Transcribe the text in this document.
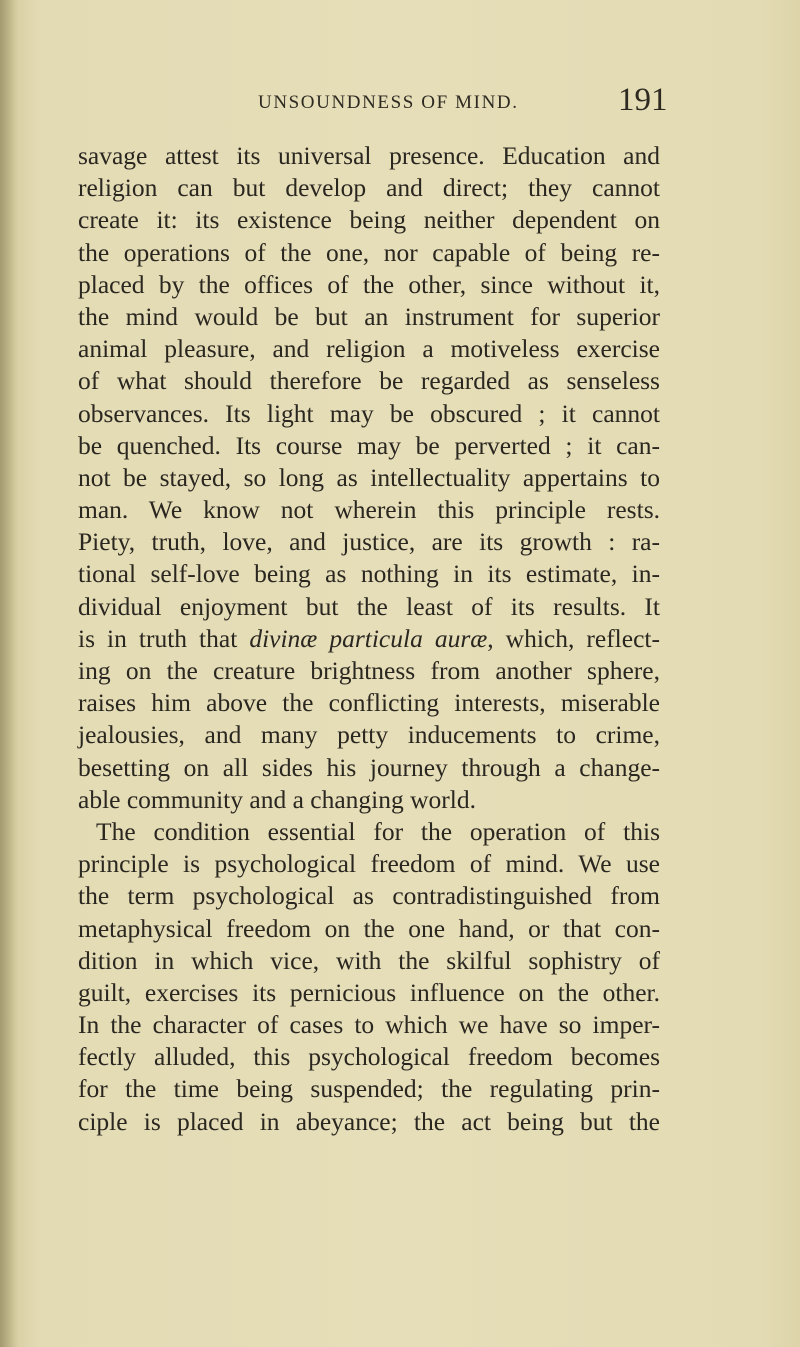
UNSOUNDNESS OF MIND.	191
savage attest its universal presence. Education and
religion can but develop and direct; they cannot
create it: its existence being neither dependent on
the operations of the one, nor capable of being re-
placed by the offices of the other, since without it,
the mind would be but an instrument for superior
animal pleasure, and religion a motiveless exercise
of what should therefore be regarded as senseless
observances. Its light may be obscured ; it cannot
be quenched. Its course may be perverted ; it can-
not be stayed, so long as intellectuality appertains to
man. We know not wherein this principle rests.
Piety, truth, love, and justice, are its growth : ra-
tional self-love being as nothing in its estimate, in-
dividual enjoyment but the least of its results. It
is in truth that divinæ particula auræ, which, reflect-
ing on the creature brightness from another sphere,
raises him above the conflicting interests, miserable
jealousies, and many petty inducements to crime,
besetting on all sides his journey through a change-
able community and a changing world.
The condition essential for the operation of this
principle is psychological freedom of mind. We use
the term psychological as contradistinguished from
metaphysical freedom on the one hand, or that con-
dition in which vice, with the skilful sophistry of
guilt, exercises its pernicious influence on the other.
In the character of cases to which we have so imper-
fectly alluded, this psychological freedom becomes
for the time being suspended; the regulating prin-
ciple is placed in abeyance; the act being but the
